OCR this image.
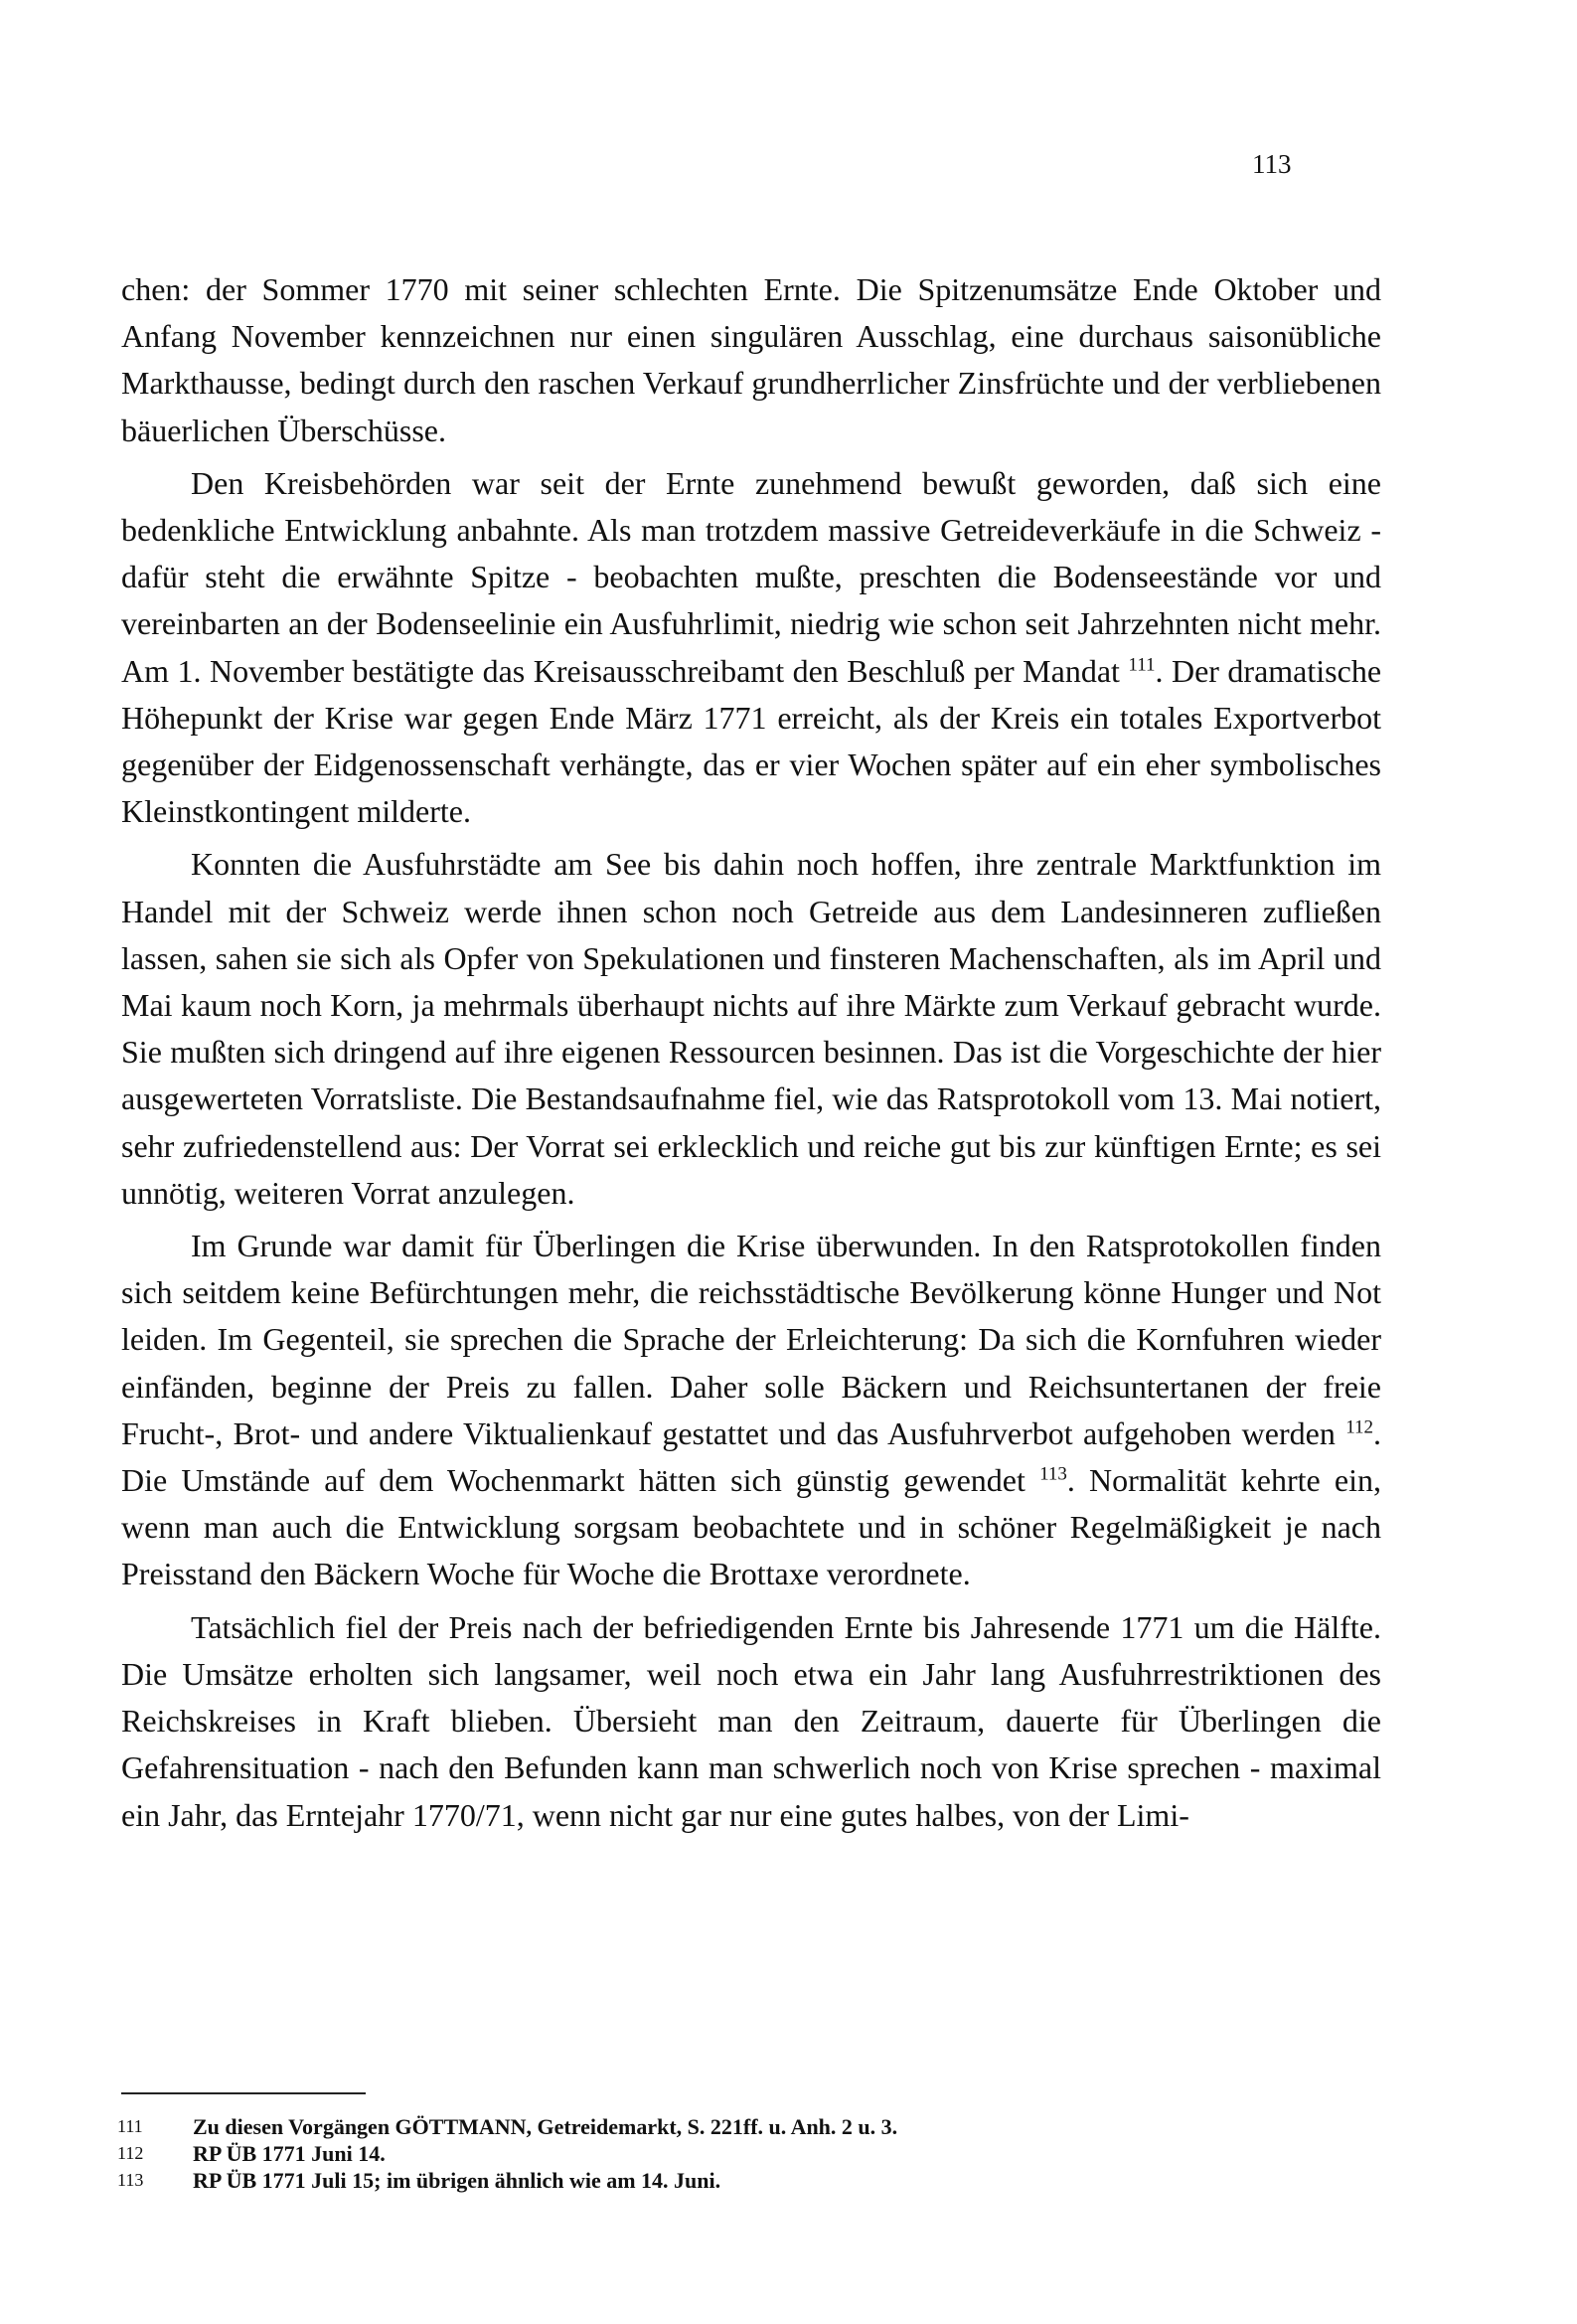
113

chen: der Sommer 1770 mit seiner schlechten Ernte. Die Spitzenumsätze Ende Oktober und Anfang November kennzeichnen nur einen singulären Ausschlag, eine durchaus saisonübliche Markthausse, bedingt durch den raschen Verkauf grundherrlicher Zinsfrüchte und der verbliebenen bäuerlichen Überschüsse.

Den Kreisbehörden war seit der Ernte zunehmend bewußt geworden, daß sich eine bedenkliche Entwicklung anbahnte. Als man trotzdem massive Getreideverkäufe in die Schweiz - dafür steht die erwähnte Spitze - beobachten mußte, preschten die Bodenseestände vor und vereinbarten an der Bodenseelinie ein Ausfuhrlimit, niedrig wie schon seit Jahrzehnten nicht mehr. Am 1. November bestätigte das Kreisausschreibamt den Beschluß per Mandat $^{111}$. Der dramatische Höhepunkt der Krise war gegen Ende März 1771 erreicht, als der Kreis ein totales Exportverbot gegenüber der Eidgenossenschaft verhängte, das er vier Wochen später auf ein eher symbolisches Kleinstkontingent milderte.

Konnten die Ausfuhrstädte am See bis dahin noch hoffen, ihre zentrale Marktfunktion im Handel mit der Schweiz werde ihnen schon noch Getreide aus dem Landesinneren zufließen lassen, sahen sie sich als Opfer von Spekulationen und finsteren Machenschaften, als im April und Mai kaum noch Korn, ja mehrmals überhaupt nichts auf ihre Märkte zum Verkauf gebracht wurde. Sie mußten sich dringend auf ihre eigenen Ressourcen besinnen. Das ist die Vorgeschichte der hier ausgewerteten Vorratsliste. Die Bestandsaufnahme fiel, wie das Ratsprotokoll vom 13. Mai notiert, sehr zufriedenstellend aus: Der Vorrat sei erklecklich und reiche gut bis zur künftigen Ernte; es sei unnötig, weiteren Vorrat anzulegen.

Im Grunde war damit für Überlingen die Krise überwunden. In den Ratsprotokollen finden sich seitdem keine Befürchtungen mehr, die reichsstädtische Bevölkerung könne Hunger und Not leiden. Im Gegenteil, sie sprechen die Sprache der Erleichterung: Da sich die Kornfuhren wieder einfänden, beginne der Preis zu fallen. Daher solle Bäckern und Reichsuntertanen der freie Frucht-, Brot- und andere Viktualienkauf gestattet und das Ausfuhrverbot aufgehoben werden $^{112}$. Die Umstände auf dem Wochenmarkt hätten sich günstig gewendet $^{113}$. Normalität kehrte ein, wenn man auch die Entwicklung sorgsam beobachtete und in schöner Regelmäßigkeit je nach Preisstand den Bäckern Woche für Woche die Brottaxe verordnete.

Tatsächlich fiel der Preis nach der befriedigenden Ernte bis Jahresende 1771 um die Hälfte. Die Umsätze erholten sich langsamer, weil noch etwa ein Jahr lang Ausfuhrrestriktionen des Reichskreises in Kraft blieben. Übersieht man den Zeitraum, dauerte für Überlingen die Gefahrensituation - nach den Befunden kann man schwerlich noch von Krise sprechen - maximal ein Jahr, das Erntejahr 1770/71, wenn nicht gar nur eine gutes halbes, von der Limi-

111	Zu diesen Vorgängen GÖTTMANN, Getreidemarkt, S. 221ff. u. Anh. 2 u. 3.
112	RP ÜB 1771 Juni 14.
113	RP ÜB 1771 Juli 15; im übrigen ähnlich wie am 14. Juni.
